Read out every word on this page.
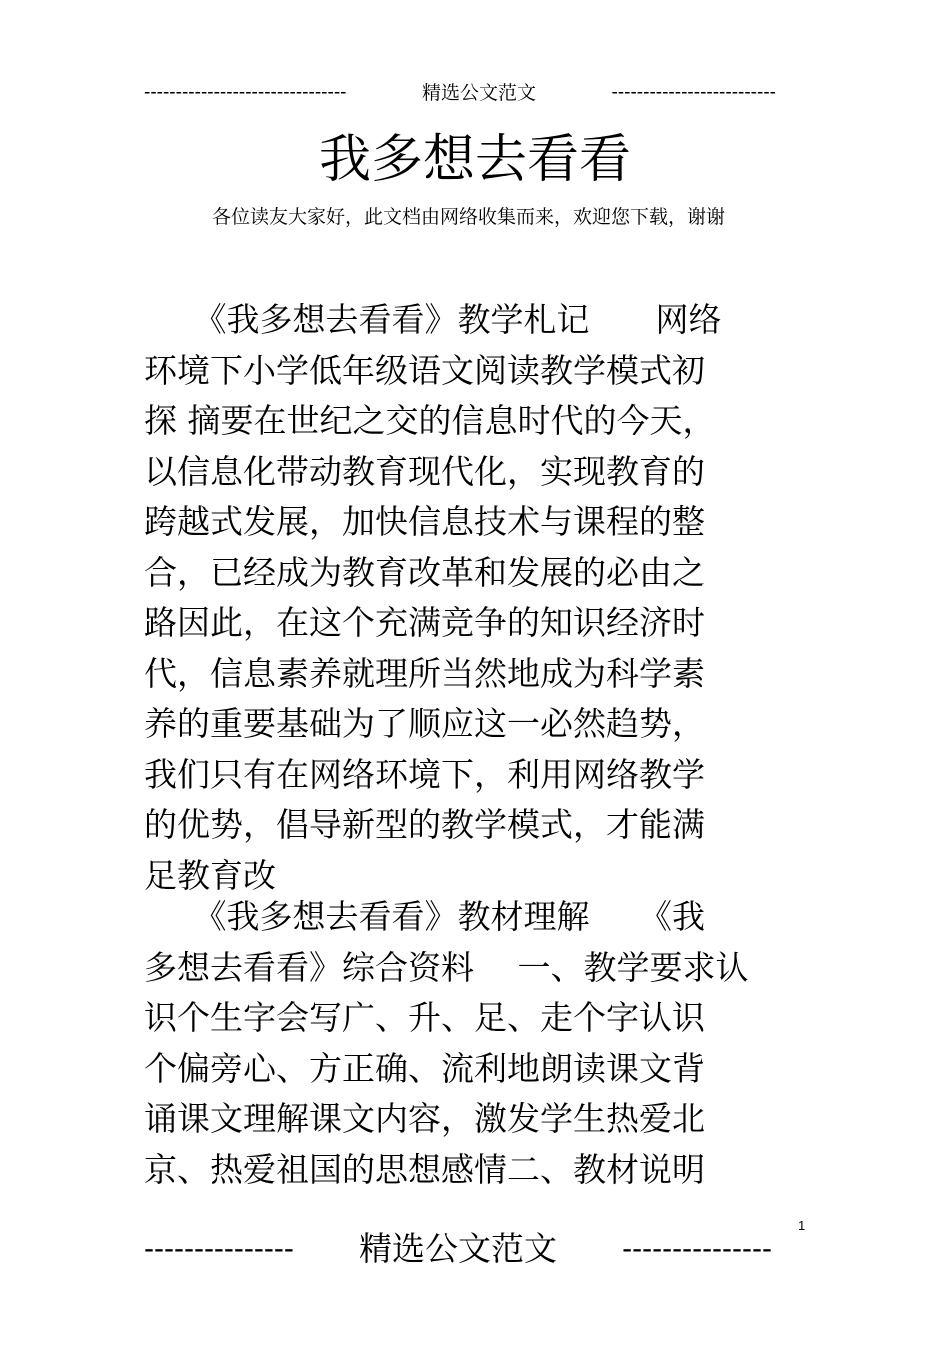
--------------------------------	精选公文范文	--------------------------
我多想去看看
各位读友大家好，此文档由网络收集而来，欢迎您下载，谢谢
　　《我多想去看看》教学札记　　网络
环境下小学低年级语文阅读教学模式初
探 摘要在世纪之交的信息时代的今天，
以信息化带动教育现代化，实现教育的
跨越式发展，加快信息技术与课程的整
合，已经成为教育改革和发展的必由之
路因此，在这个充满竞争的知识经济时
代，信息素养就理所当然地成为科学素
养的重要基础为了顺应这一必然趋势，
我们只有在网络环境下，利用网络教学
的优势，倡导新型的教学模式，才能满
足教育改
　　《我多想去看看》教材理解　　《我
多想去看看》综合资料　 一、教学要求认
识个生字会写广、升、足、走个字认识
个偏旁心、方正确、流利地朗读课文背
诵课文理解课文内容，激发学生热爱北
京、热爱祖国的思想感情二、教材说明
1
--------------- 精选公文范文 ---------------
